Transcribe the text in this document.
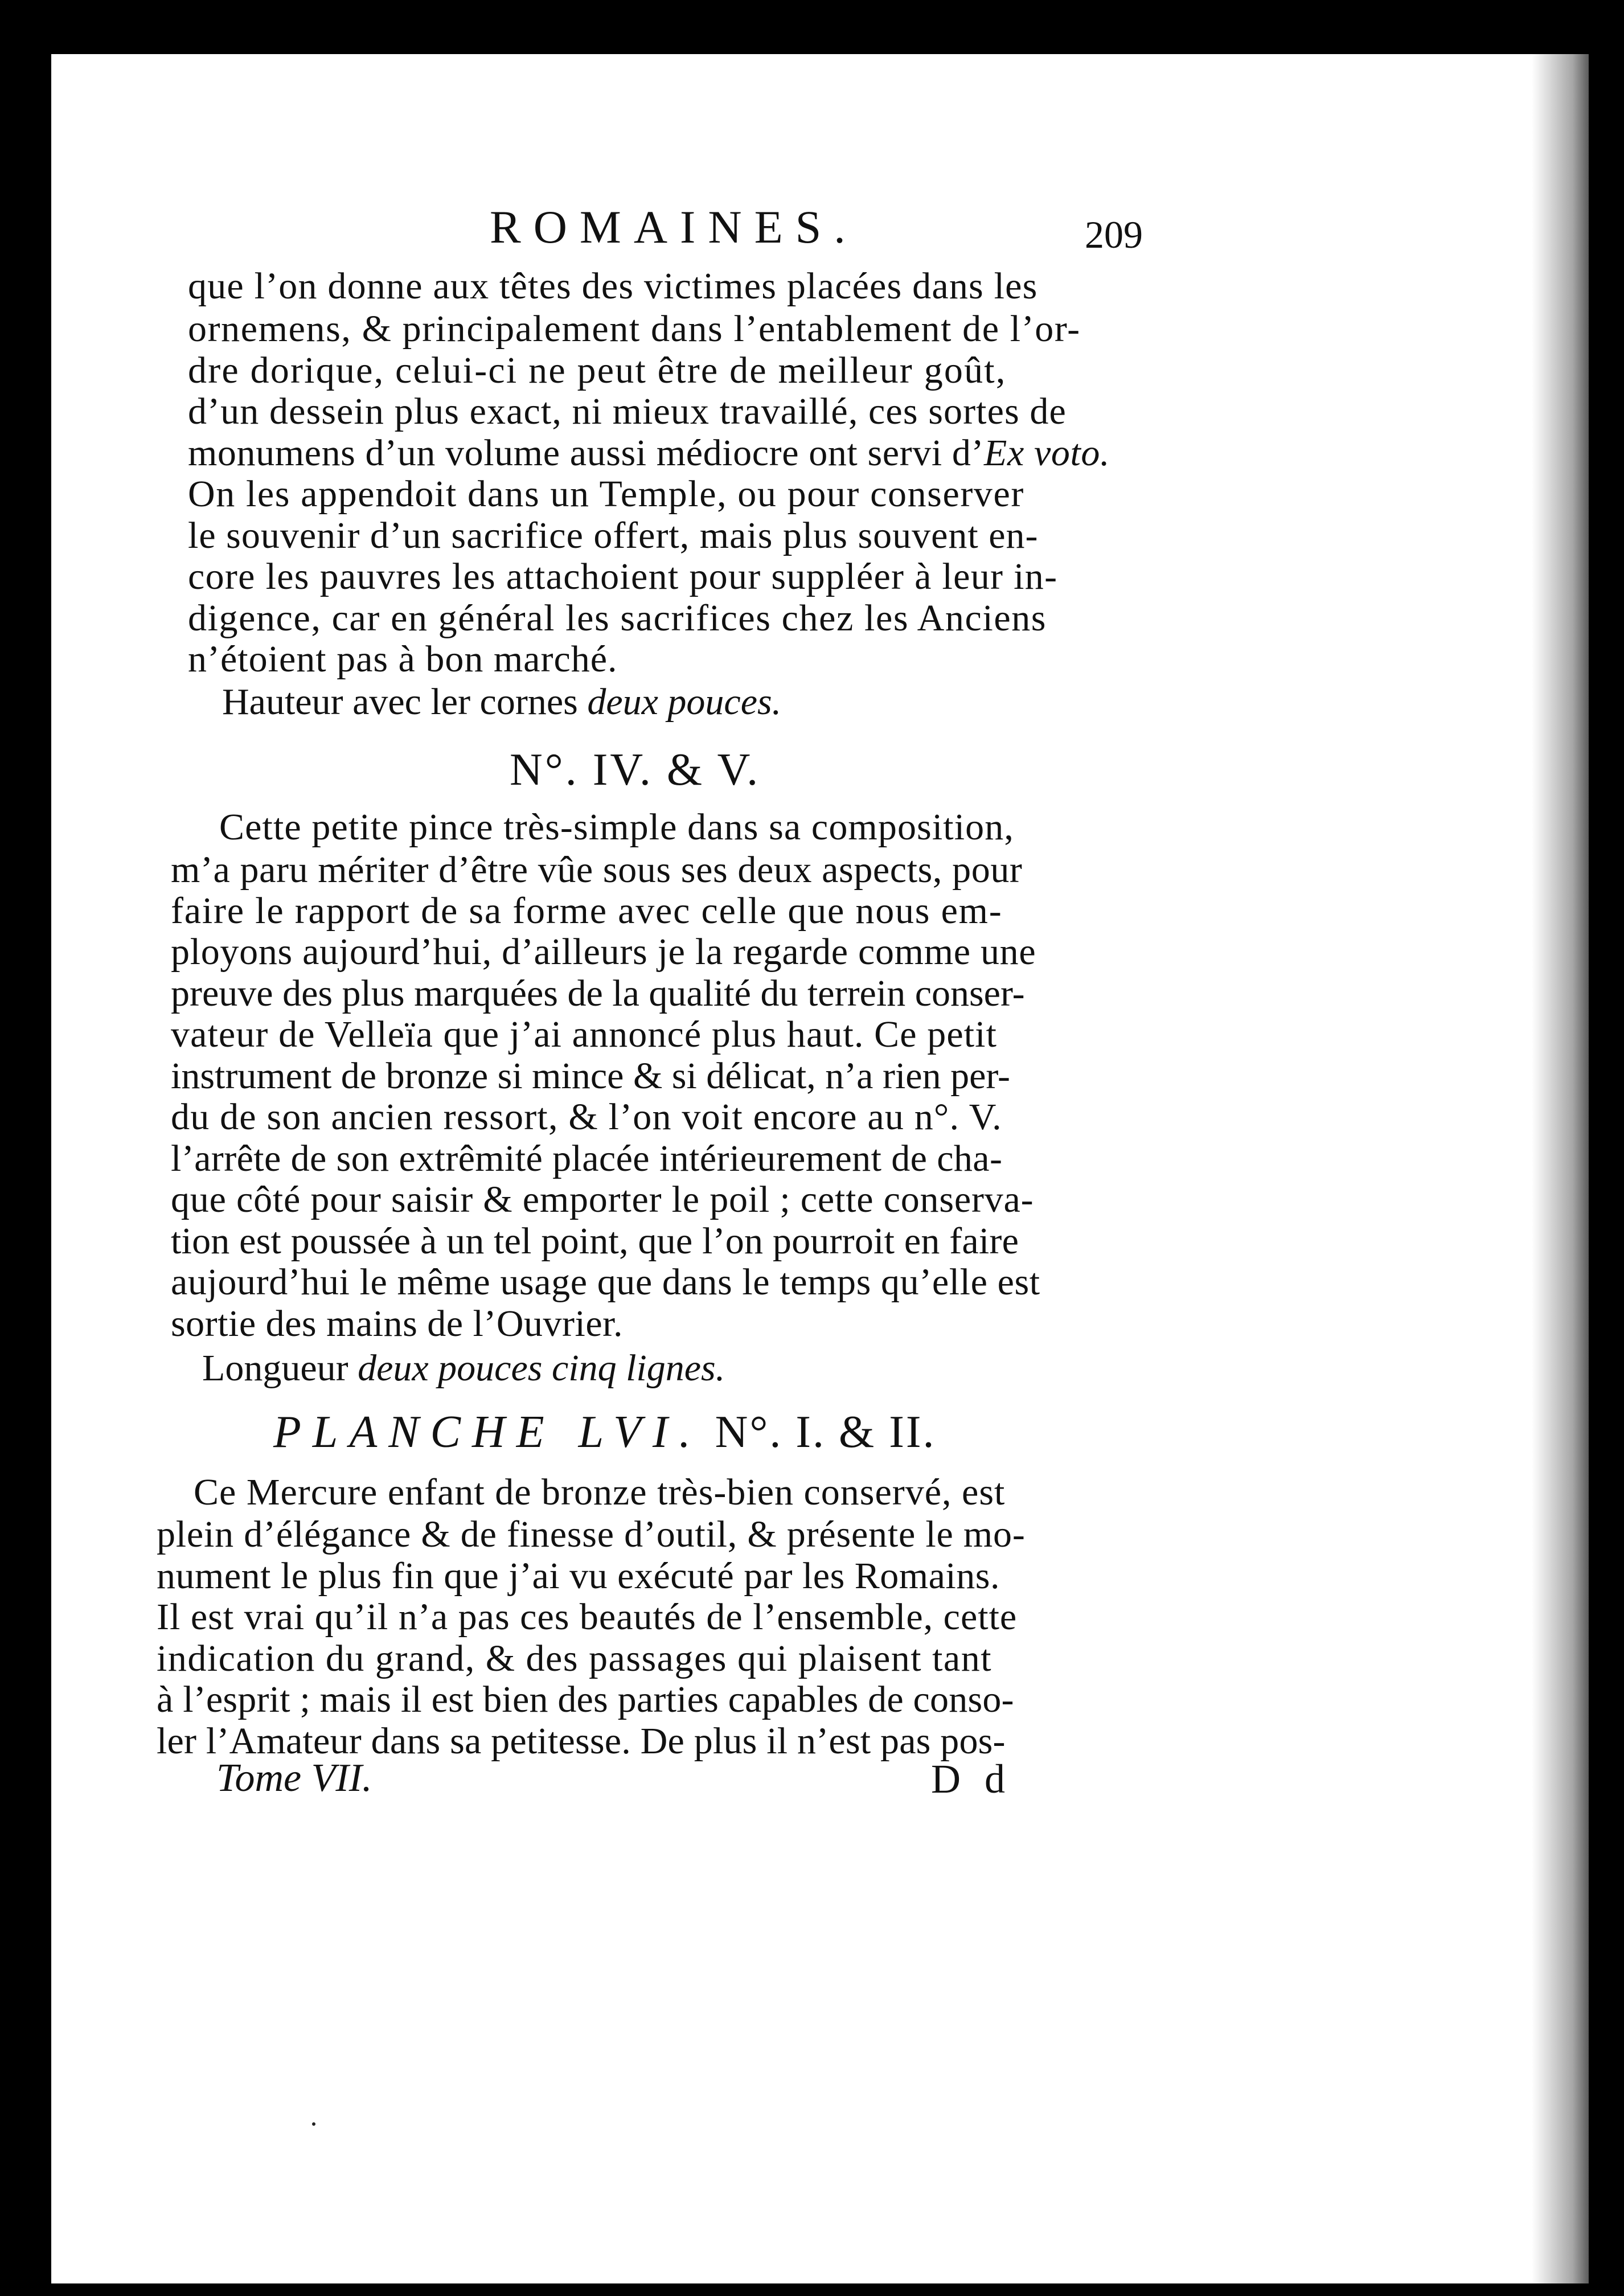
ROMAINES.	209
que l’on donne aux têtes des victimes placées dans les
ornemens, & principalement dans l’entablement de l’or-
dre dorique, celui-ci ne peut être de meilleur goût,
d’un dessein plus exact, ni mieux travaillé, ces sortes de
monumens d’un volume aussi médiocre ont servi d’Ex voto.
On les appendoit dans un Temple, ou pour conserver
le souvenir d’un sacrifice offert, mais plus souvent en-
core les pauvres les attachoient pour suppléer à leur in-
digence, car en général les sacrifices chez les Anciens
n’étoient pas à bon marché.
Hauteur avec ler cornes deux pouces.
N°. IV. & V.
Cette petite pince très-simple dans sa composition,
m’a paru mériter d’être vûe sous ses deux aspects, pour
faire le rapport de sa forme avec celle que nous em-
ployons aujourd’hui, d’ailleurs je la regarde comme une
preuve des plus marquées de la qualité du terrein conser-
vateur de Velleïa que j’ai annoncé plus haut. Ce petit
instrument de bronze si mince & si délicat, n’a rien per-
du de son ancien ressort, & l’on voit encore au n°. V.
l’arrête de son extrêmité placée intérieurement de cha-
que côté pour saisir & emporter le poil ; cette conserva-
tion est poussée à un tel point, que l’on pourroit en faire
aujourd’hui le même usage que dans le temps qu’elle est
sortie des mains de l’Ouvrier.
Longueur deux pouces cinq lignes.
PLANCHE LVI. N°. I. & II.
Ce Mercure enfant de bronze très-bien conservé, est
plein d’élégance & de finesse d’outil, & présente le mo-
nument le plus fin que j’ai vu exécuté par les Romains.
Il est vrai qu’il n’a pas ces beautés de l’ensemble, cette
indication du grand, & des passages qui plaisent tant
à l’esprit ; mais il est bien des parties capables de conso-
ler l’Amateur dans sa petitesse. De plus il n’est pas pos-
Tome VII.	D d
